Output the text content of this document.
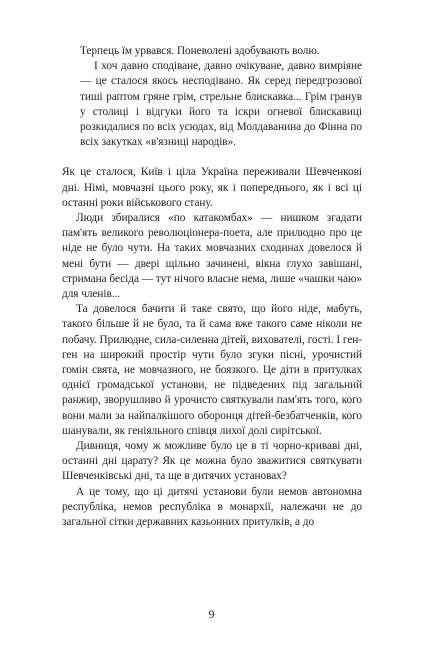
Терпець їм урвався. Поневолені здобувають волю.

І хоч давно сподіване, давно очікуване, давно вимріяне — це сталося якось несподівано. Як серед передгрозової тиші раптом гряне грім, стрельне блискавка... Грім гранув у столиці і відгуки його та іскри огневої блискавиці розкидалися по всіх усюдах, від Молдаванина до Фінна по всіх закутках «в'язниці народів».

Як це сталося, Київ і ціла Україна переживали Шевченкові дні. Німі, мовчазні цього року, як і попереднього, як і всі ці останні роки військового стану.

Люди збиралися «по катакомбах» — нишком згадати пам'ять великого революціонера-поета, але прилюдно про це ніде не було чути. На таких мовчазних сходинах довелося й мені бути — двері щільно зачинені, вікна глухо завішані, стримана бесіда — тут нічого власне нема, лише «чашки чаю» для членів...

Та довелося бачити й таке свято, що його ніде, мабуть, такого більше й не було, та й сама вже такого саме ніколи не побачу. Прилюдне, сила-силенна дітей, вихователі, гості. І ген-ген на широкий простір чути було згуки пісні, урочистий гомін свята, не мовчазного, не боязкого. Це діти в притулках однієї громадської установи, не підведених під загальний ранжир, зворушливо й урочисто святкували пам'ять того, кого вони мали за найпалкішого оборонця дітей-безбатченків, кого шанували, як геніяльного співця лихої долі сирітської.

Дивниця, чому ж можливе було це в ті чорно-криваві дні, останні дні царату? Як це можна було зважитися святкувати Шевченківські дні, та ще в дитячих установах?

А це тому, що ці дитячі установи були немов автономна республіка, немов республіка в монархії, належачи не до загальної сітки державних казьонних притулків, а до

9
